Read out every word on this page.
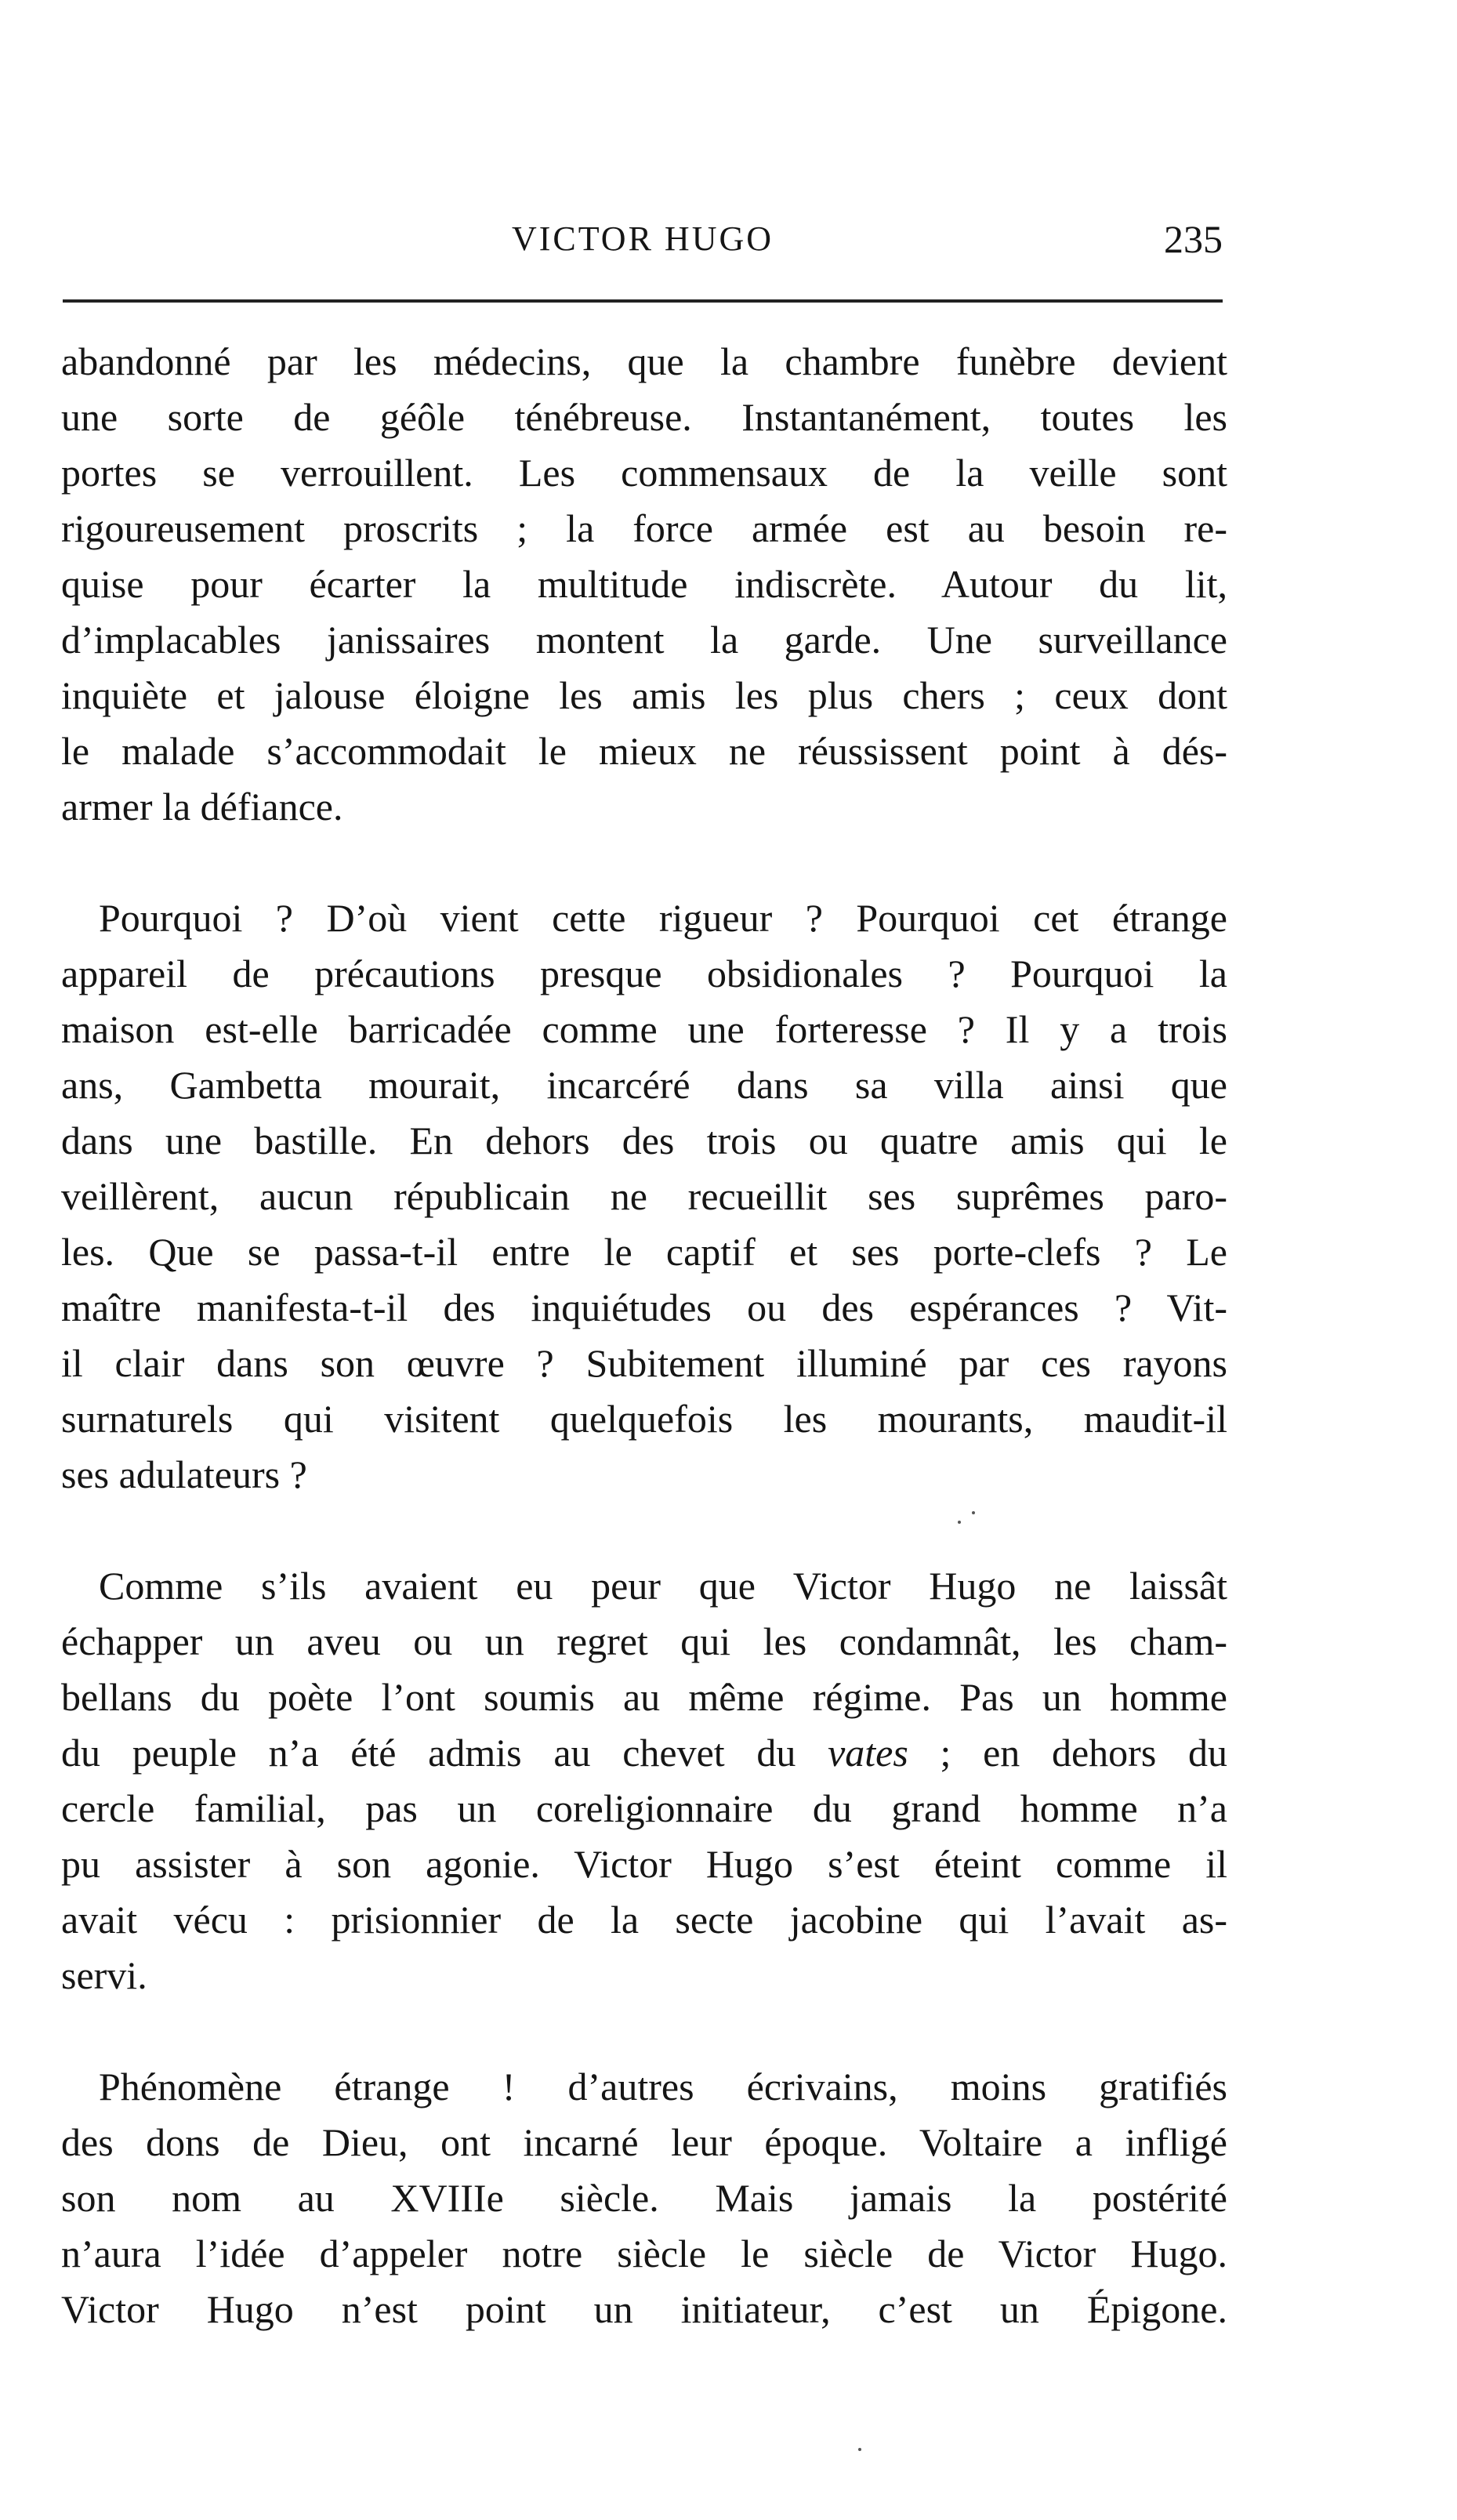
VICTOR HUGO	235

abandonné par les médecins, que la chambre funèbre devient
une sorte de géôle ténébreuse. Instantanément, toutes les
portes se verrouillent. Les commensaux de la veille sont
rigoureusement proscrits ; la force armée est au besoin re-
quise pour écarter la multitude indiscrète. Autour du lit,
d’implacables janissaires montent la garde. Une surveillance
inquiète et jalouse éloigne les amis les plus chers ; ceux dont
le malade s’accommodait le mieux ne réussissent point à dés-
armer la défiance.

Pourquoi ? D’où vient cette rigueur ? Pourquoi cet étrange
appareil de précautions presque obsidionales ? Pourquoi la
maison est-elle barricadée comme une forteresse ? Il y a trois
ans, Gambetta mourait, incarcéré dans sa villa ainsi que
dans une bastille. En dehors des trois ou quatre amis qui le
veillèrent, aucun républicain ne recueillit ses suprêmes paro-
les. Que se passa-t-il entre le captif et ses porte-clefs ? Le
maître manifesta-t-il des inquiétudes ou des espérances ? Vit-
il clair dans son œuvre ? Subitement illuminé par ces rayons
surnaturels qui visitent quelquefois les mourants, maudit-il
ses adulateurs ?

Comme s’ils avaient eu peur que Victor Hugo ne laissât
échapper un aveu ou un regret qui les condamnât, les cham-
bellans du poète l’ont soumis au même régime. Pas un homme
du peuple n’a été admis au chevet du vates ; en dehors du
cercle familial, pas un coreligionnaire du grand homme n’a
pu assister à son agonie. Victor Hugo s’est éteint comme il
avait vécu : prisionnier de la secte jacobine qui l’avait as-
servi.

Phénomène étrange ! d’autres écrivains, moins gratifiés
des dons de Dieu, ont incarné leur époque. Voltaire a infligé
son nom au XVIIIe siècle. Mais jamais la postérité
n’aura l’idée d’appeler notre siècle le siècle de Victor Hugo.
Victor Hugo n’est point un initiateur, c’est un Épigone.
